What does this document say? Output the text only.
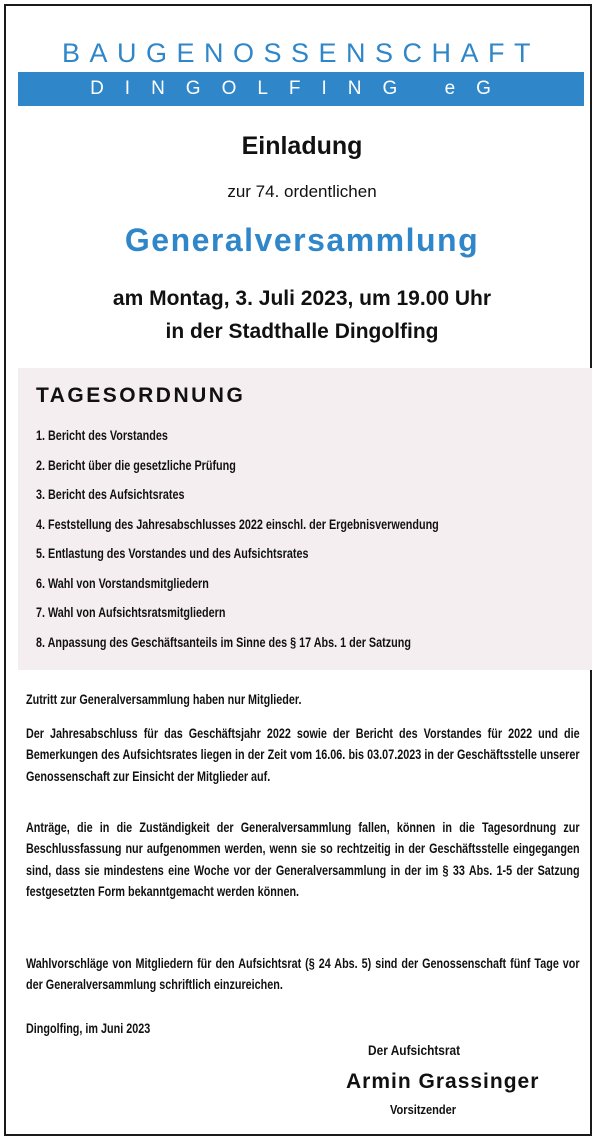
BAUGENOSSENSCHAFT
DINGOLFING eG
Einladung
zur 74. ordentlichen
Generalversammlung
am Montag, 3. Juli 2023, um 19.00 Uhr
in der Stadthalle Dingolfing
TAGESORDNUNG
1. Bericht des Vorstandes
2. Bericht über die gesetzliche Prüfung
3. Bericht des Aufsichtsrates
4. Feststellung des Jahresabschlusses 2022 einschl. der Ergebnisverwendung
5. Entlastung des Vorstandes und des Aufsichtsrates
6. Wahl von Vorstandsmitgliedern
7. Wahl von Aufsichtsratsmitgliedern
8. Anpassung des Geschäftsanteils im Sinne des § 17 Abs. 1 der Satzung
Zutritt zur Generalversammlung haben nur Mitglieder.
Der Jahresabschluss für das Geschäftsjahr 2022 sowie der Bericht des Vorstandes für 2022 und die Bemerkungen des Aufsichtsrates liegen in der Zeit vom 16.06. bis 03.07.2023 in der Geschäftsstelle unserer Genossenschaft zur Einsicht der Mitglieder auf.
Anträge, die in die Zuständigkeit der Generalversammlung fallen, können in die Tagesordnung zur Beschlussfassung nur aufgenommen werden, wenn sie so rechtzeitig in der Geschäftsstelle eingegangen sind, dass sie mindestens eine Woche vor der Generalversammlung in der im § 33 Abs. 1-5 der Satzung festgesetzten Form bekanntgemacht werden können.
Wahlvorschläge von Mitgliedern für den Aufsichtsrat (§ 24 Abs. 5) sind der Genossenschaft fünf Tage vor der Generalversammlung schriftlich einzureichen.
Dingolfing, im Juni 2023
Der Aufsichtsrat
Armin Grassinger
Vorsitzender
